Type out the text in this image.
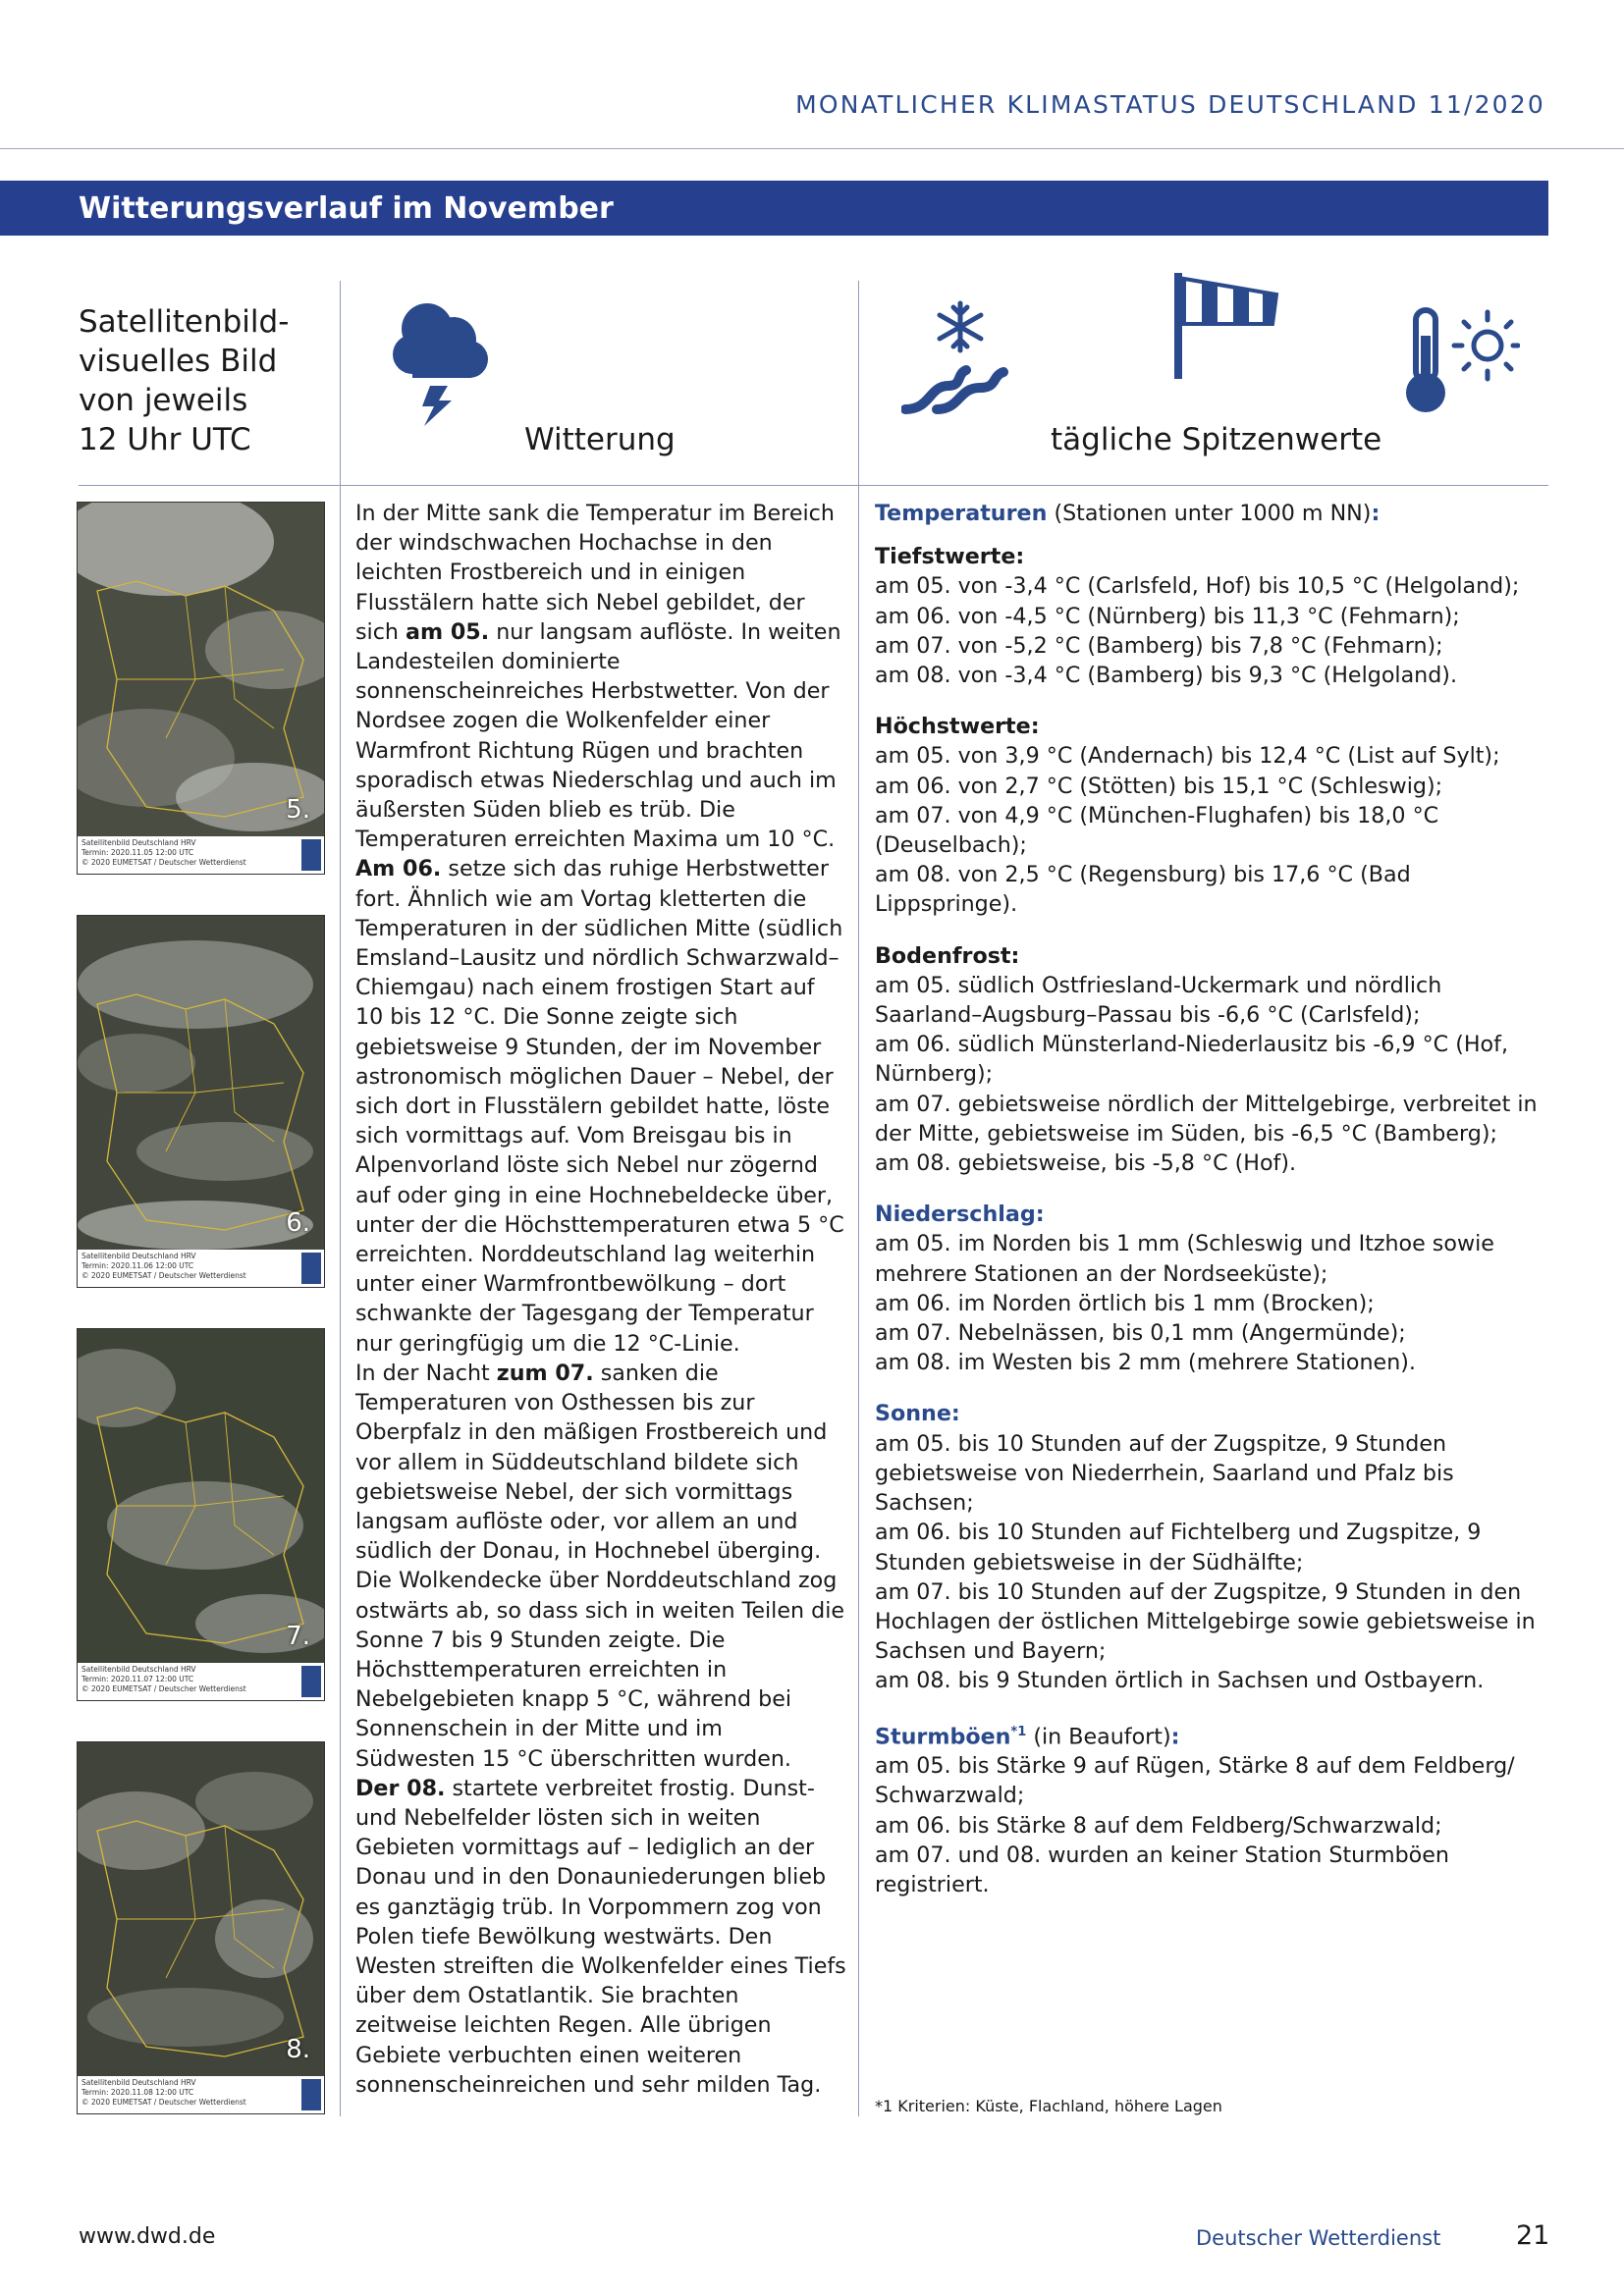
MONATLICHER KLIMASTATUS DEUTSCHLAND 11/2020
Witterungsverlauf im November
Satellitenbild-
visuelles Bild
von jeweils
12 Uhr UTC	Witterung	tägliche Spitzenwerte
5.
Satellitenbild Deutschland HRV
Termin: 2020.11.05 12:00 UTC
© 2020 EUMETSAT / Deutscher Wetterdienst
6.
Satellitenbild Deutschland HRV
Termin: 2020.11.06 12:00 UTC
© 2020 EUMETSAT / Deutscher Wetterdienst
7.
Satellitenbild Deutschland HRV
Termin: 2020.11.07 12:00 UTC
© 2020 EUMETSAT / Deutscher Wetterdienst
8.
Satellitenbild Deutschland HRV
Termin: 2020.11.08 12:00 UTC
© 2020 EUMETSAT / Deutscher Wetterdienst

In der Mitte sank die Temperatur im Bereich der windschwachen Hochachse in den leichten Frostbereich und in einigen Flusstälern hatte sich Nebel gebildet, der sich am 05. nur langsam auflöste. In weiten Landesteilen dominierte sonnenscheinreiches Herbstwetter. Von der Nordsee zogen die Wolkenfelder einer Warmfront Richtung Rügen und brachten sporadisch etwas Niederschlag und auch im äußersten Süden blieb es trüb. Die Temperaturen erreichten Maxima um 10 °C.

Am 06. setze sich das ruhige Herbstwetter fort. Ähnlich wie am Vortag kletterten die Temperaturen in der südlichen Mitte (südlich Emsland–Lausitz und nördlich Schwarzwald–Chiemgau) nach einem frostigen Start auf 10 bis 12 °C. Die Sonne zeigte sich gebietsweise 9 Stunden, der im November astronomisch möglichen Dauer – Nebel, der sich dort in Flusstälern gebildet hatte, löste sich vormittags auf. Vom Breisgau bis in Alpenvorland löste sich Nebel nur zögernd auf oder ging in eine Hochnebeldecke über, unter der die Höchsttemperaturen etwa 5 °C erreichten. Norddeutschland lag weiterhin unter einer Warmfrontbewölkung – dort schwankte der Tagesgang der Temperatur nur geringfügig um die 12 °C-Linie.

In der Nacht zum 07. sanken die Temperaturen von Osthessen bis zur Oberpfalz in den mäßigen Frostbereich und vor allem in Süddeutschland bildete sich gebietsweise Nebel, der sich vormittags langsam auflöste oder, vor allem an und südlich der Donau, in Hochnebel überging. Die Wolkendecke über Norddeutschland zog ostwärts ab, so dass sich in weiten Teilen die Sonne 7 bis 9 Stunden zeigte. Die Höchsttemperaturen erreichten in Nebelgebieten knapp 5 °C, während bei Sonnenschein in der Mitte und im Südwesten 15 °C überschritten wurden.

Der 08. startete verbreitet frostig. Dunst- und Nebelfelder lösten sich in weiten Gebieten vormittags auf – lediglich an der Donau und in den Donauniederungen blieb es ganztägig trüb. In Vorpommern zog von Polen tiefe Bewölkung westwärts. Den Westen streiften die Wolkenfelder eines Tiefs über dem Ostatlantik. Sie brachten zeitweise leichten Regen. Alle übrigen Gebiete verbuchten einen weiteren sonnenscheinreichen und sehr milden Tag.

Temperaturen (Stationen unter 1000 m NN):
Tiefstwerte:
am 05. von -3,4 °C (Carlsfeld, Hof) bis 10,5 °C (Helgoland);
am 06. von -4,5 °C (Nürnberg) bis 11,3 °C (Fehmarn);
am 07. von -5,2 °C (Bamberg) bis 7,8 °C (Fehmarn);
am 08. von -3,4 °C (Bamberg) bis 9,3 °C (Helgoland).
Höchstwerte:
am 05. von 3,9 °C (Andernach) bis 12,4 °C (List auf Sylt);
am 06. von 2,7 °C (Stötten) bis 15,1 °C (Schleswig);
am 07. von 4,9 °C (München-Flughafen) bis 18,0 °C (Deuselbach);
am 08. von 2,5 °C (Regensburg) bis 17,6 °C (Bad Lippspringe).
Bodenfrost:
am 05. südlich Ostfriesland-Uckermark und nördlich Saarland–Augsburg–Passau bis -6,6 °C (Carlsfeld);
am 06. südlich Münsterland-Niederlausitz bis -6,9 °C (Hof, Nürnberg);
am 07. gebietsweise nördlich der Mittelgebirge, verbreitet in der Mitte, gebietsweise im Süden, bis -6,5 °C (Bamberg);
am 08. gebietsweise, bis -5,8 °C (Hof).
Niederschlag:
am 05. im Norden bis 1 mm (Schleswig und Itzhoe sowie mehrere Stationen an der Nordseeküste);
am 06. im Norden örtlich bis 1 mm (Brocken);
am 07. Nebelnässen, bis 0,1 mm (Angermünde);
am 08. im Westen bis 2 mm (mehrere Stationen).
Sonne:
am 05. bis 10 Stunden auf der Zugspitze, 9 Stunden gebietsweise von Niederrhein, Saarland und Pfalz bis Sachsen;
am 06. bis 10 Stunden auf Fichtelberg und Zugspitze, 9 Stunden gebietsweise in der Südhälfte;
am 07. bis 10 Stunden auf der Zugspitze, 9 Stunden in den Hochlagen der östlichen Mittelgebirge sowie gebietsweise in Sachsen und Bayern;
am 08. bis 9 Stunden örtlich in Sachsen und Ostbayern.
Sturmböen$^{*1}$ (in Beaufort):
am 05. bis Stärke 9 auf Rügen, Stärke 8 auf dem Feldberg/ Schwarzwald;
am 06. bis Stärke 8 auf dem Feldberg/Schwarzwald;
am 07. und 08. wurden an keiner Station Sturmböen registriert.
*1 Kriterien: Küste, Flachland, höhere Lagen
www.dwd.de	Deutscher Wetterdienst	21
